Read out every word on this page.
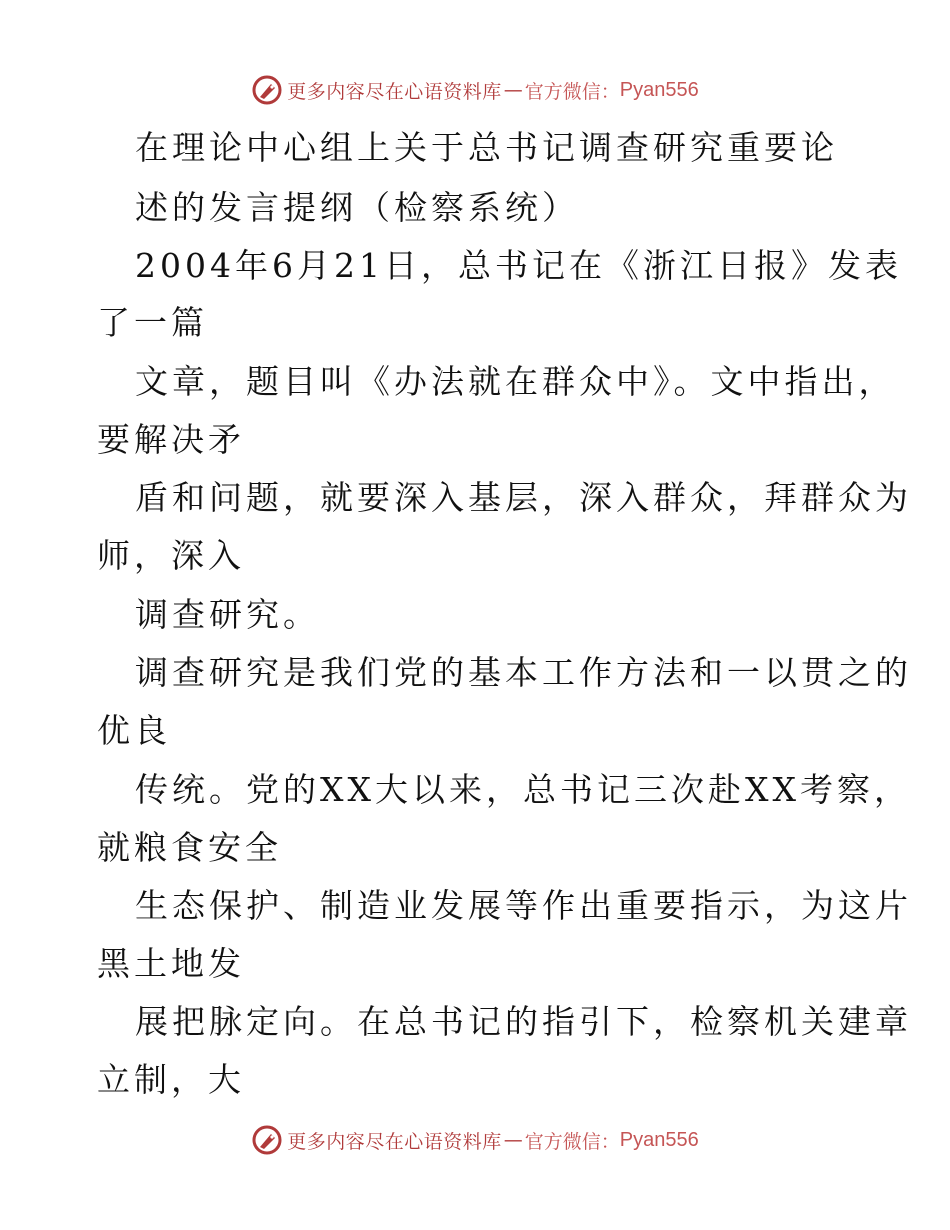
更多内容尽在心语资料库 — 官方微信： Pyan556
在理论中心组上关于总书记调查研究重要论
述的发言提纲（检察系统）
2004年6月21日，总书记在《浙江日报》发表
了一篇
文章，题目叫《办法就在群众中》。文中指出，
要解决矛
盾和问题，就要深入基层，深入群众，拜群众为
师，深入
调查研究。
调查研究是我们党的基本工作方法和一以贯之的
优良
传统。党的XX大以来，总书记三次赴XX考察，
就粮食安全
生态保护、制造业发展等作出重要指示，为这片
黑土地发
展把脉定向。在总书记的指引下，检察机关建章
立制，大
更多内容尽在心语资料库 — 官方微信： Pyan556
